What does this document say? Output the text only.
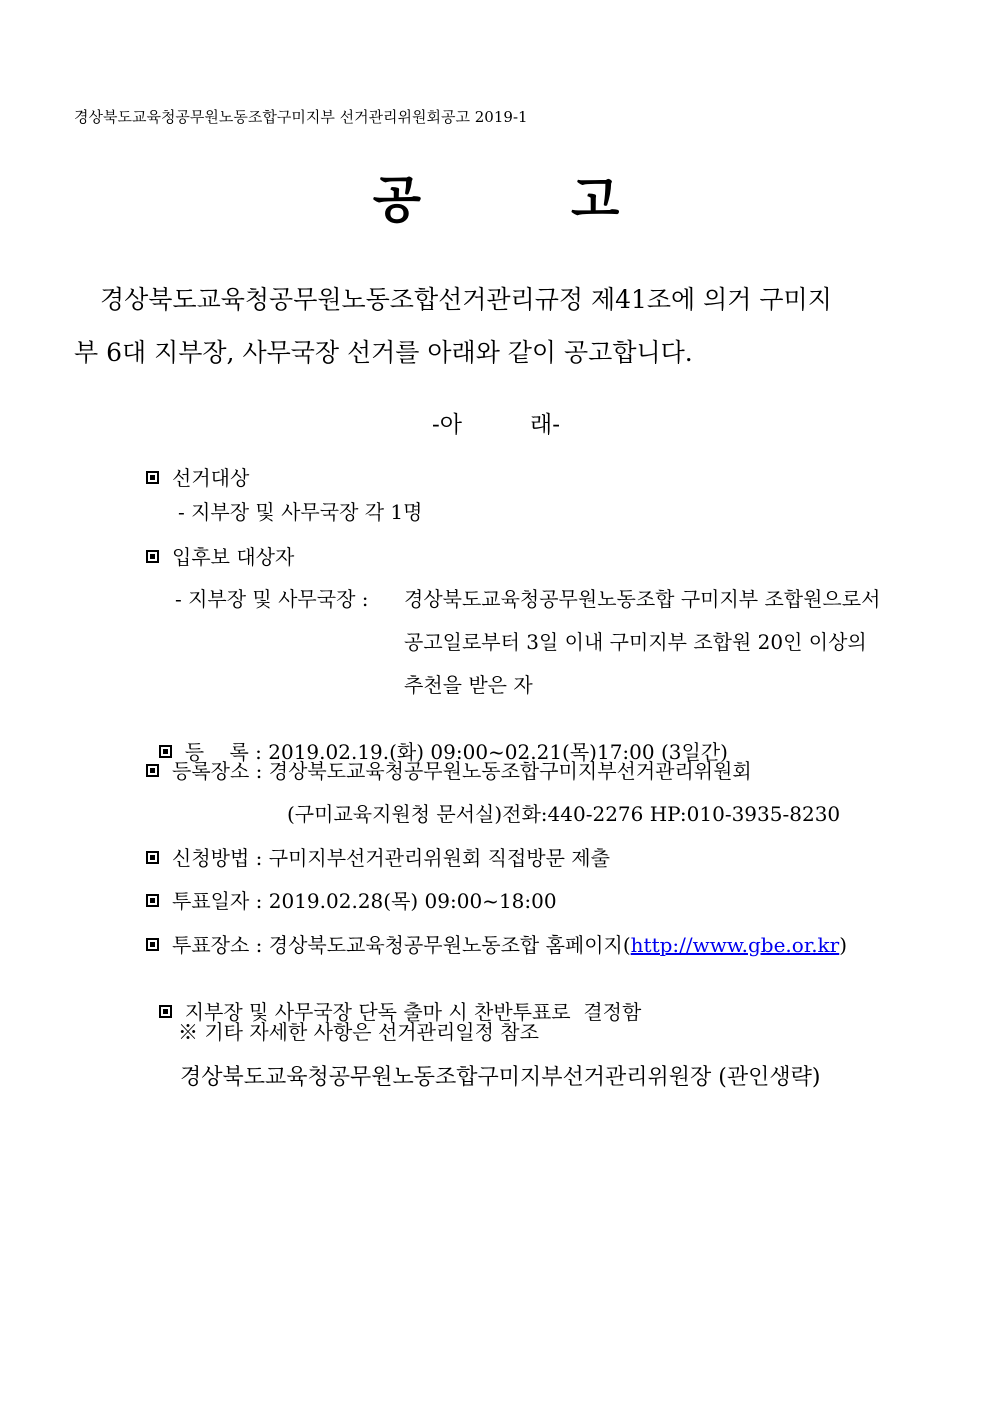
경상북도교육청공무원노동조합구미지부 선거관리위원회공고 2019-1
공	고
경상북도교육청공무원노동조합선거관리규정 제41조에 의거 구미지
부 6대 지부장, 사무국장 선거를 아래와 같이 공고합니다.
-아	래-
선거대상
- 지부장 및 사무국장 각 1명
입후보 대상자
- 지부장 및 사무국장 : 경상북도교육청공무원노동조합 구미지부 조합원으로서
공고일로부터 3일 이내 구미지부 조합원 20인 이상의
추천을 받은 자

등    록 : 2019.02.19.(화) 09:00~02.21(목)17:00 (3일간)

등록장소 : 경상북도교육청공무원노동조합구미지부선거관리위원회
(구미교육지원청 문서실)전화:440-2276 HP:010-3935-8230
신청방법 : 구미지부선거관리위원회 직접방문 제출
투표일자 : 2019.02.28(목) 09:00~18:00
투표장소 : 경상북도교육청공무원노동조합 홈페이지(http://www.gbe.or.kr)

지부장 및 사무국장 단독 출마 시 찬반투표로  결정함

※ 기타 자세한 사항은 선거관리일정 참조
경상북도교육청공무원노동조합구미지부선거관리위원장 (관인생략)
